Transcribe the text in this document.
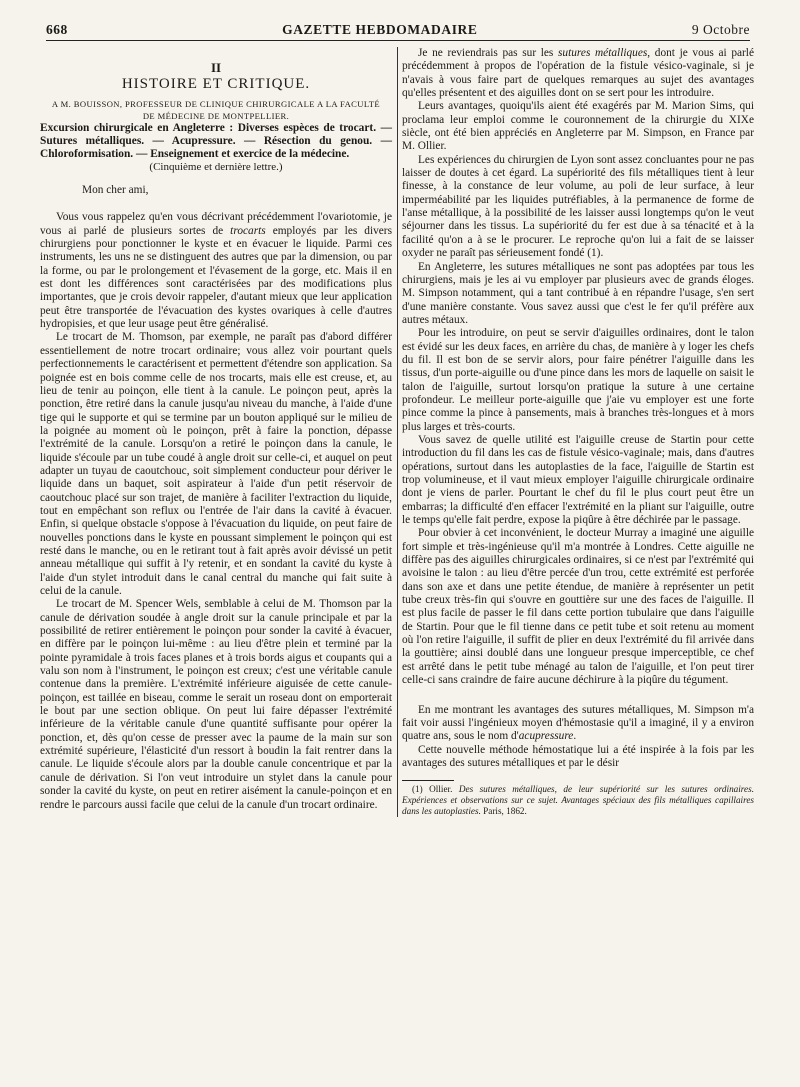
668	GAZETTE HEBDOMADAIRE	9 Octobre
II
HISTOIRE ET CRITIQUE.
A M. BOUISSON, PROFESSEUR DE CLINIQUE CHIRURGICALE A LA FACULTÉ
DE MÉDECINE DE MONTPELLIER.

Excursion chirurgicale en Angleterre : Diverses espèces de trocart. — Sutures métalliques. — Acupressure. — Résection du genou. — Chloroformisation. — Enseignement et exercice de la médecine.

(Cinquième et dernière lettre.)

Mon cher ami,

Vous vous rappelez qu'en vous décrivant précédemment l'ovariotomie, je vous ai parlé de plusieurs sortes de trocarts employés par les divers chirurgiens pour ponctionner le kyste et en évacuer le liquide. Parmi ces instruments, les uns ne se distinguent des autres que par la dimension, ou par la forme, ou par le prolongement et l'évasement de la gorge, etc. Mais il en est dont les différences sont caractérisées par des modifications plus importantes, que je crois devoir rappeler, d'autant mieux que leur application peut être transportée de l'évacuation des kystes ovariques à celle d'autres hydropisies, et que leur usage peut être généralisé.

Le trocart de M. Thomson, par exemple, ne paraît pas d'abord différer essentiellement de notre trocart ordinaire; vous allez voir pourtant quels perfectionnements le caractérisent et permettent d'étendre son application. Sa poignée est en bois comme celle de nos trocarts, mais elle est creuse, et, au lieu de tenir au poinçon, elle tient à la canule. Le poinçon peut, après la ponction, être retiré dans la canule jusqu'au niveau du manche, à l'aide d'une tige qui le supporte et qui se termine par un bouton appliqué sur le milieu de la poignée au moment où le poinçon, prêt à faire la ponction, dépasse l'extrémité de la canule. Lorsqu'on a retiré le poinçon dans la canule, le liquide s'écoule par un tube coudé à angle droit sur celle-ci, et auquel on peut adapter un tuyau de caoutchouc, soit simplement conducteur pour dériver le liquide dans un baquet, soit aspirateur à l'aide d'un petit réservoir de caoutchouc placé sur son trajet, de manière à faciliter l'extraction du liquide, tout en empêchant son reflux ou l'entrée de l'air dans la cavité à évacuer. Enfin, si quelque obstacle s'oppose à l'évacuation du liquide, on peut faire de nouvelles ponctions dans le kyste en poussant simplement le poinçon qui est resté dans le manche, ou en le retirant tout à fait après avoir dévissé un petit anneau métallique qui suffit à l'y retenir, et en sondant la cavité du kyste à l'aide d'un stylet introduit dans le canal central du manche qui fait suite à celui de la canule.

Le trocart de M. Spencer Wels, semblable à celui de M. Thomson par la canule de dérivation soudée à angle droit sur la canule principale et par la possibilité de retirer entièrement le poinçon pour sonder la cavité à évacuer, en diffère par le poinçon lui-même : au lieu d'être plein et terminé par la pointe pyramidale à trois faces planes et à trois bords aigus et coupants qui a valu son nom à l'instrument, le poinçon est creux; c'est une véritable canule contenue dans la première. L'extrémité inférieure aiguisée de cette canule-poinçon, est taillée en biseau, comme le serait un roseau dont on emporterait le bout par une section oblique. On peut lui faire dépasser l'extrémité inférieure de la véritable canule d'une quantité suffisante pour opérer la ponction, et, dès qu'on cesse de presser avec la paume de la main sur son extrémité supérieure, l'élasticité d'un ressort à boudin la fait rentrer dans la canule. Le liquide s'écoule alors par la double canule concentrique et par la canule de dérivation. Si l'on veut introduire un stylet dans la canule pour sonder la cavité du kyste, on peut en retirer aisément la canule-poinçon et en rendre le parcours aussi facile que celui de la canule d'un trocart ordinaire.

Je ne reviendrais pas sur les sutures métalliques, dont je vous ai parlé précédemment à propos de l'opération de la fistule vésico-vaginale, si je n'avais à vous faire part de quelques remarques au sujet des avantages qu'elles présentent et des aiguilles dont on se sert pour les introduire.

Leurs avantages, quoiqu'ils aient été exagérés par M. Marion Sims, qui proclama leur emploi comme le couronnement de la chirurgie du XIXe siècle, ont été bien appréciés en Angleterre par M. Simpson, en France par M. Ollier.

Les expériences du chirurgien de Lyon sont assez concluantes pour ne pas laisser de doutes à cet égard. La supériorité des fils métalliques tient à leur finesse, à la constance de leur volume, au poli de leur surface, à leur imperméabilité par les liquides putréfiables, à la permanence de forme de l'anse métallique, à la possibilité de les laisser aussi longtemps qu'on le veut séjourner dans les tissus. La supériorité du fer est due à sa ténacité et à la facilité qu'on a à se le procurer. Le reproche qu'on lui a fait de se laisser oxyder ne paraît pas sérieusement fondé (1).

En Angleterre, les sutures métalliques ne sont pas adoptées par tous les chirurgiens, mais je les ai vu employer par plusieurs avec de grands éloges. M. Simpson notamment, qui a tant contribué à en répandre l'usage, s'en sert d'une manière constante. Vous savez aussi que c'est le fer qu'il préfère aux autres métaux.

Pour les introduire, on peut se servir d'aiguilles ordinaires, dont le talon est évidé sur les deux faces, en arrière du chas, de manière à y loger les chefs du fil. Il est bon de se servir alors, pour faire pénétrer l'aiguille dans les tissus, d'un porte-aiguille ou d'une pince dans les mors de laquelle on saisit le talon de l'aiguille, surtout lorsqu'on pratique la suture à une certaine profondeur. Le meilleur porte-aiguille que j'aie vu employer est une forte pince comme la pince à pansements, mais à branches très-longues et à mors plus larges et très-courts.

Vous savez de quelle utilité est l'aiguille creuse de Startin pour cette introduction du fil dans les cas de fistule vésico-vaginale; mais, dans d'autres opérations, surtout dans les autoplasties de la face, l'aiguille de Startin est trop volumineuse, et il vaut mieux employer l'aiguille chirurgicale ordinaire dont je viens de parler. Pourtant le chef du fil le plus court peut être un embarras; la difficulté d'en effacer l'extrémité en la pliant sur l'aiguille, outre le temps qu'elle fait perdre, expose la piqûre à être déchirée par le passage.

Pour obvier à cet inconvénient, le docteur Murray a imaginé une aiguille fort simple et très-ingénieuse qu'il m'a montrée à Londres. Cette aiguille ne diffère pas des aiguilles chirurgicales ordinaires, si ce n'est par l'extrémité qui avoisine le talon : au lieu d'être percée d'un trou, cette extrémité est perforée dans son axe et dans une petite étendue, de manière à représenter un petit tube creux très-fin qui s'ouvre en gouttière sur une des faces de l'aiguille. Il est plus facile de passer le fil dans cette portion tubulaire que dans l'aiguille de Startin. Pour que le fil tienne dans ce petit tube et soit retenu au moment où l'on retire l'aiguille, il suffit de plier en deux l'extrémité du fil arrivée dans la gouttière; ainsi doublé dans une longueur presque imperceptible, ce chef est arrêté dans le petit tube ménagé au talon de l'aiguille, et l'on peut tirer celle-ci sans craindre de faire aucune déchirure à la piqûre du tégument.

En me montrant les avantages des sutures métalliques, M. Simpson m'a fait voir aussi l'ingénieux moyen d'hémostasie qu'il a imaginé, il y a environ quatre ans, sous le nom d'acupressure.

Cette nouvelle méthode hémostatique lui a été inspirée à la fois par les avantages des sutures métalliques et par le désir

(1) Ollier. Des sutures métalliques, de leur supériorité sur les sutures ordinaires. Expériences et observations sur ce sujet. Avantages spéciaux des fils métalliques capillaires dans les autoplasties. Paris, 1862.
